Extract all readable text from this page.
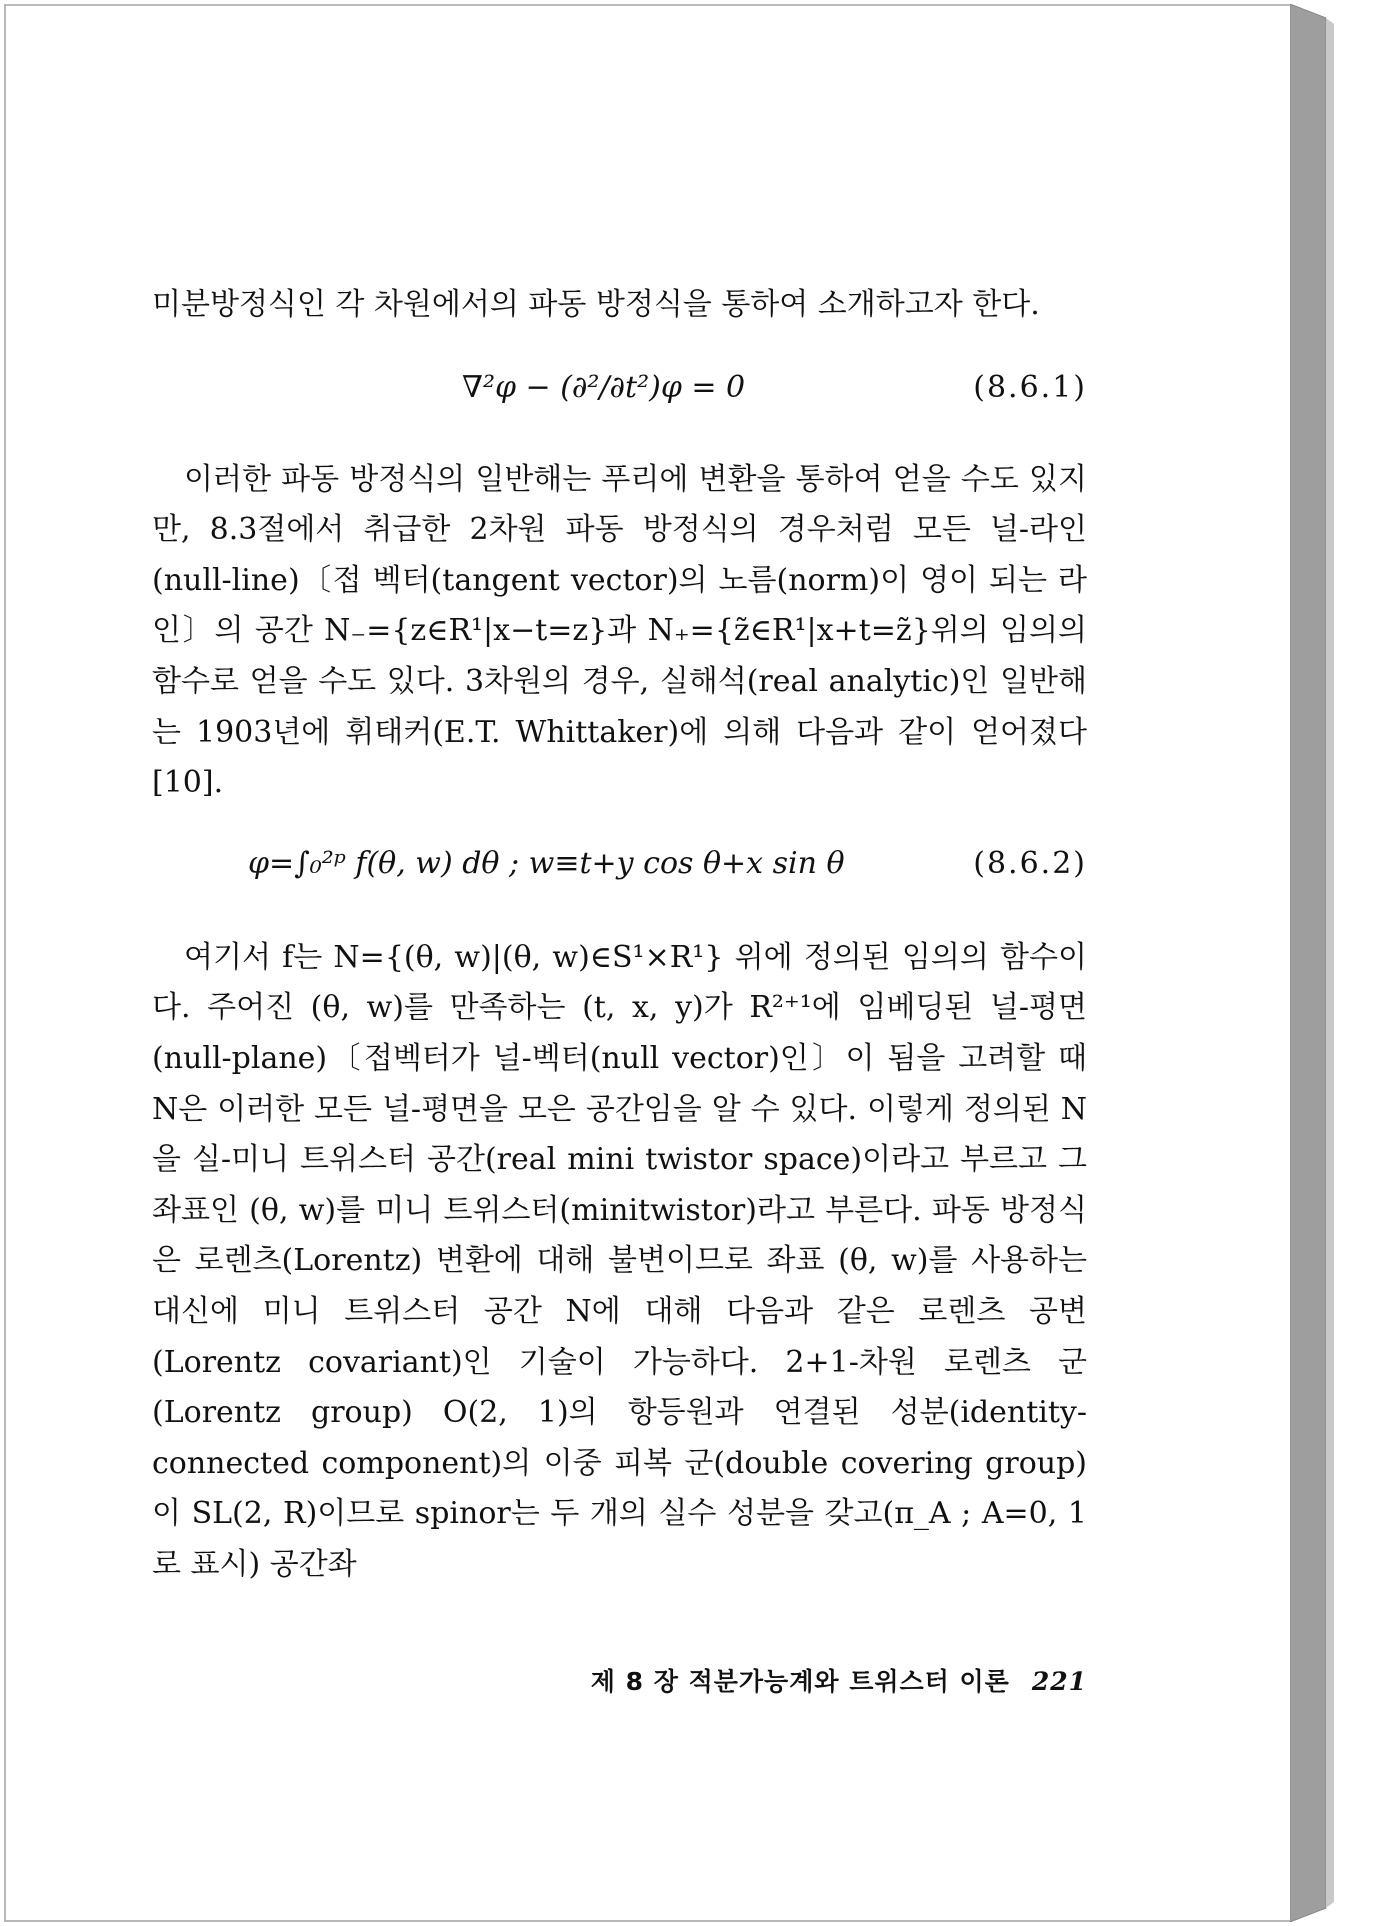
미분방정식인 각 차원에서의 파동 방정식을 통하여 소개하고자 한다.

∇²φ − (∂²/∂t²)φ = 0	(8.6.1)

이러한 파동 방정식의 일반해는 푸리에 변환을 통하여 얻을 수도 있지만, 8.3절에서 취급한 2차원 파동 방정식의 경우처럼 모든 널-라인(null-line)〔접 벡터(tangent vector)의 노름(norm)이 영이 되는 라인〕의 공간 N₋={z∈R¹|x−t=z}과 N₊={z̃∈R¹|x+t=z̃}위의 임의의 함수로 얻을 수도 있다. 3차원의 경우, 실해석(real analytic)인 일반해는 1903년에 휘태커(E.T. Whittaker)에 의해 다음과 같이 얻어졌다[10].

φ=∫₀²ᵖ f(θ, w) dθ ; w≡t+y cos θ+x sin θ	(8.6.2)

여기서 f는 N={(θ, w)|(θ, w)∈S¹×R¹} 위에 정의된 임의의 함수이다. 주어진 (θ, w)를 만족하는 (t, x, y)가 R²⁺¹에 임베딩된 널-평면(null-plane)〔접벡터가 널-벡터(null vector)인〕이 됨을 고려할 때 N은 이러한 모든 널-평면을 모은 공간임을 알 수 있다. 이렇게 정의된 N을 실-미니 트위스터 공간(real mini twistor space)이라고 부르고 그 좌표인 (θ, w)를 미니 트위스터(minitwistor)라고 부른다. 파동 방정식은 로렌츠(Lorentz) 변환에 대해 불변이므로 좌표 (θ, w)를 사용하는 대신에 미니 트위스터 공간 N에 대해 다음과 같은 로렌츠 공변(Lorentz covariant)인 기술이 가능하다. 2+1-차원 로렌츠 군(Lorentz group) O(2, 1)의 항등원과 연결된 성분(identity-connected component)의 이중 피복 군(double covering group)이 SL(2, R)이므로 spinor는 두 개의 실수 성분을 갖고(π_A ; A=0, 1로 표시) 공간좌

제 8 장 적분가능계와 트위스터 이론 221
